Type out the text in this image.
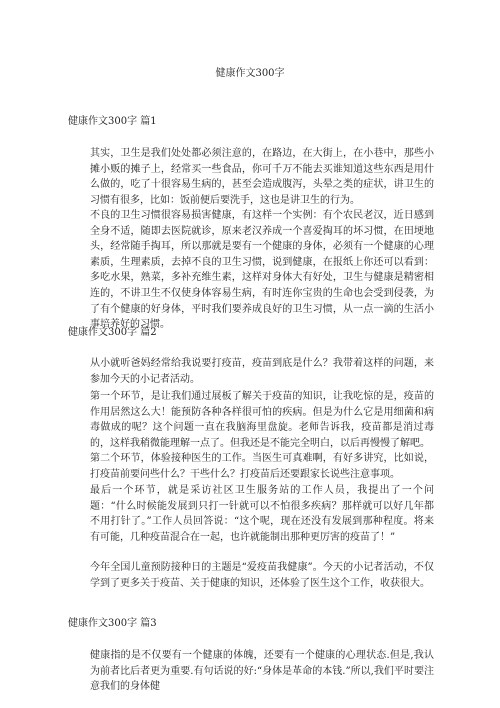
健康作文300字
健康作文300字 篇1
其实，卫生是我们处处都必须注意的，在路边，在大街上，在小巷中，那些小摊小贩的摊子上，经常买一些食品，你可千万不能去买谁知道这些东西是用什么做的，吃了十很容易生病的，甚至会造成腹泻，头晕之类的症状，讲卫生的习惯有很多，比如：饭前便后要洗手，这也是讲卫生的行为。
不良的卫生习惯很容易损害健康，有这样一个实例：有个农民老汉，近日感到全身不适，随即去医院就诊，原来老汉养成一个喜爱掏耳的坏习惯，在田埂地头，经常随手掏耳，所以那就是要有一个健康的身体，必须有一个健康的心理素质，生理素质，去掉不良的卫生习惯，说到健康，在报纸上你还可以看到：多吃水果，熟菜，多补充维生素，这样对身体大有好处，卫生与健康是精密相连的，不讲卫生不仅使身体容易生病，有时连你宝贵的生命也会受到侵袭，为了有个健康的好身体，平时我们要养成良好的卫生习惯，从一点一滴的生活小事培养好的习惯。
健康作文300字 篇2
从小就听爸妈经常给我说要打疫苗，疫苗到底是什么？我带着这样的问题，来参加今天的小记者活动。
第一个环节，是让我们通过展板了解关于疫苗的知识，让我吃惊的是，疫苗的作用居然这么大！能预防各种各样很可怕的疾病。但是为什么它是用细菌和病毒做成的呢？这个问题一直在我脑海里盘旋。老师告诉我，疫苗都是消过毒的，这样我稍微能理解一点了。但我还是不能完全明白，以后再慢慢了解吧。
第二个环节，体验接种医生的工作。当医生可真难啊，有好多讲究，比如说，打疫苗前要问些什么？干些什么？打疫苗后还要跟家长说些注意事项。
最后一个环节，就是采访社区卫生服务站的工作人员，我提出了一个问题：“什么时候能发展到只打一针就可以不怕很多疾病？那样就可以好几年都不用打针了。”工作人员回答说：“这个呢，现在还没有发展到那种程度。将来有可能，几种疫苗混合在一起，也许就能制出那种更厉害的疫苗了！”
今年全国儿童预防接种日的主题是“爱疫苗我健康”。今天的小记者活动，不仅学到了更多关于疫苗、关于健康的知识，还体验了医生这个工作，收获很大。
健康作文300字 篇3
健康指的是不仅要有一个健康的体魄，还要有一个健康的心理状态.但是,我认为前者比后者更为重要.有句话说的好:“身体是革命的本钱.”所以,我们平时要注意我们的身体健
